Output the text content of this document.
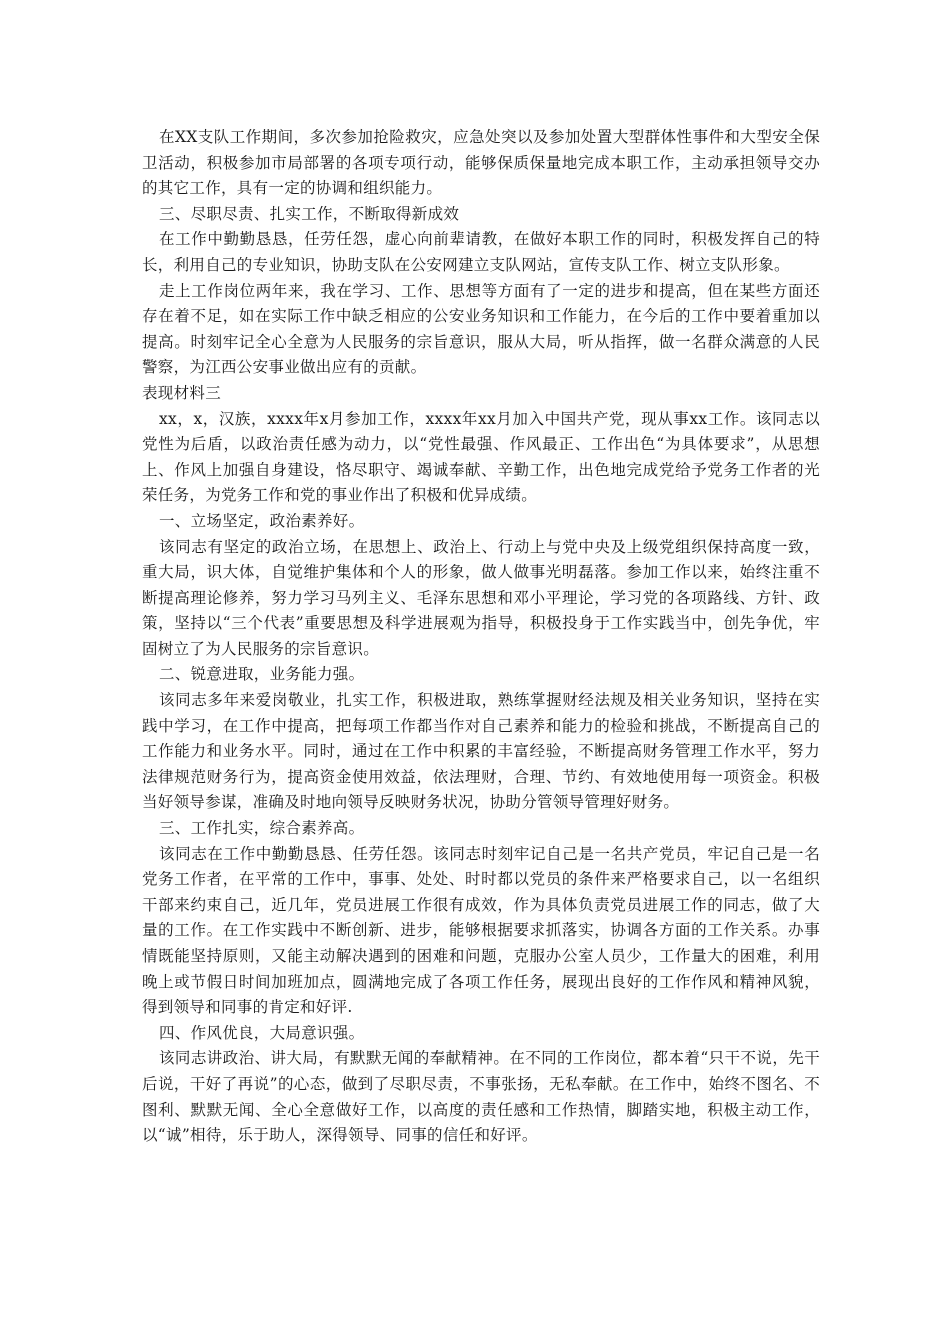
在XX支队工作期间，多次参加抢险救灾，应急处突以及参加处置大型群体性事件和大型安全保卫活动，积极参加市局部署的各项专项行动，能够保质保量地完成本职工作，主动承担领导交办的其它工作，具有一定的协调和组织能力。

三、尽职尽责、扎实工作，不断取得新成效

在工作中勤勤恳恳，任劳任怨，虚心向前辈请教，在做好本职工作的同时，积极发挥自己的特长，利用自己的专业知识，协助支队在公安网建立支队网站，宣传支队工作、树立支队形象。

走上工作岗位两年来，我在学习、工作、思想等方面有了一定的进步和提高，但在某些方面还存在着不足，如在实际工作中缺乏相应的公安业务知识和工作能力，在今后的工作中要着重加以提高。时刻牢记全心全意为人民服务的宗旨意识，服从大局，听从指挥，做一名群众满意的人民警察，为江西公安事业做出应有的贡献。

表现材料三

xx，x，汉族，xxxx年x月参加工作，xxxx年xx月加入中国共产党，现从事xx工作。该同志以党性为后盾，以政治责任感为动力，以“党性最强、作风最正、工作出色“为具体要求”，从思想上、作风上加强自身建设，恪尽职守、竭诚奉献、辛勤工作，出色地完成党给予党务工作者的光荣任务，为党务工作和党的事业作出了积极和优异成绩。

一、立场坚定，政治素养好。

该同志有坚定的政治立场，在思想上、政治上、行动上与党中央及上级党组织保持高度一致，重大局，识大体，自觉维护集体和个人的形象，做人做事光明磊落。参加工作以来，始终注重不断提高理论修养，努力学习马列主义、毛泽东思想和邓小平理论，学习党的各项路线、方针、政策，坚持以“三个代表”重要思想及科学进展观为指导，积极投身于工作实践当中，创先争优，牢固树立了为人民服务的宗旨意识。

二、锐意进取，业务能力强。

该同志多年来爱岗敬业，扎实工作，积极进取，熟练掌握财经法规及相关业务知识，坚持在实践中学习，在工作中提高，把每项工作都当作对自己素养和能力的检验和挑战，不断提高自己的工作能力和业务水平。同时，通过在工作中积累的丰富经验，不断提高财务管理工作水平，努力法律规范财务行为，提高资金使用效益，依法理财，合理、节约、有效地使用每一项资金。积极当好领导参谋，准确及时地向领导反映财务状况，协助分管领导管理好财务。

三、工作扎实，综合素养高。

该同志在工作中勤勤恳恳、任劳任怨。该同志时刻牢记自己是一名共产党员，牢记自己是一名党务工作者，在平常的工作中，事事、处处、时时都以党员的条件来严格要求自己，以一名组织干部来约束自己，近几年，党员进展工作很有成效，作为具体负责党员进展工作的同志，做了大量的工作。在工作实践中不断创新、进步，能够根据要求抓落实，协调各方面的工作关系。办事情既能坚持原则，又能主动解决遇到的困难和问题，克服办公室人员少，工作量大的困难，利用晚上或节假日时间加班加点，圆满地完成了各项工作任务，展现出良好的工作作风和精神风貌，得到领导和同事的肯定和好评.

四、作风优良，大局意识强。

该同志讲政治、讲大局，有默默无闻的奉献精神。在不同的工作岗位，都本着“只干不说，先干后说，干好了再说”的心态，做到了尽职尽责，不事张扬，无私奉献。在工作中，始终不图名、不图利、默默无闻、全心全意做好工作，以高度的责任感和工作热情，脚踏实地，积极主动工作，以“诚”相待，乐于助人，深得领导、同事的信任和好评。
